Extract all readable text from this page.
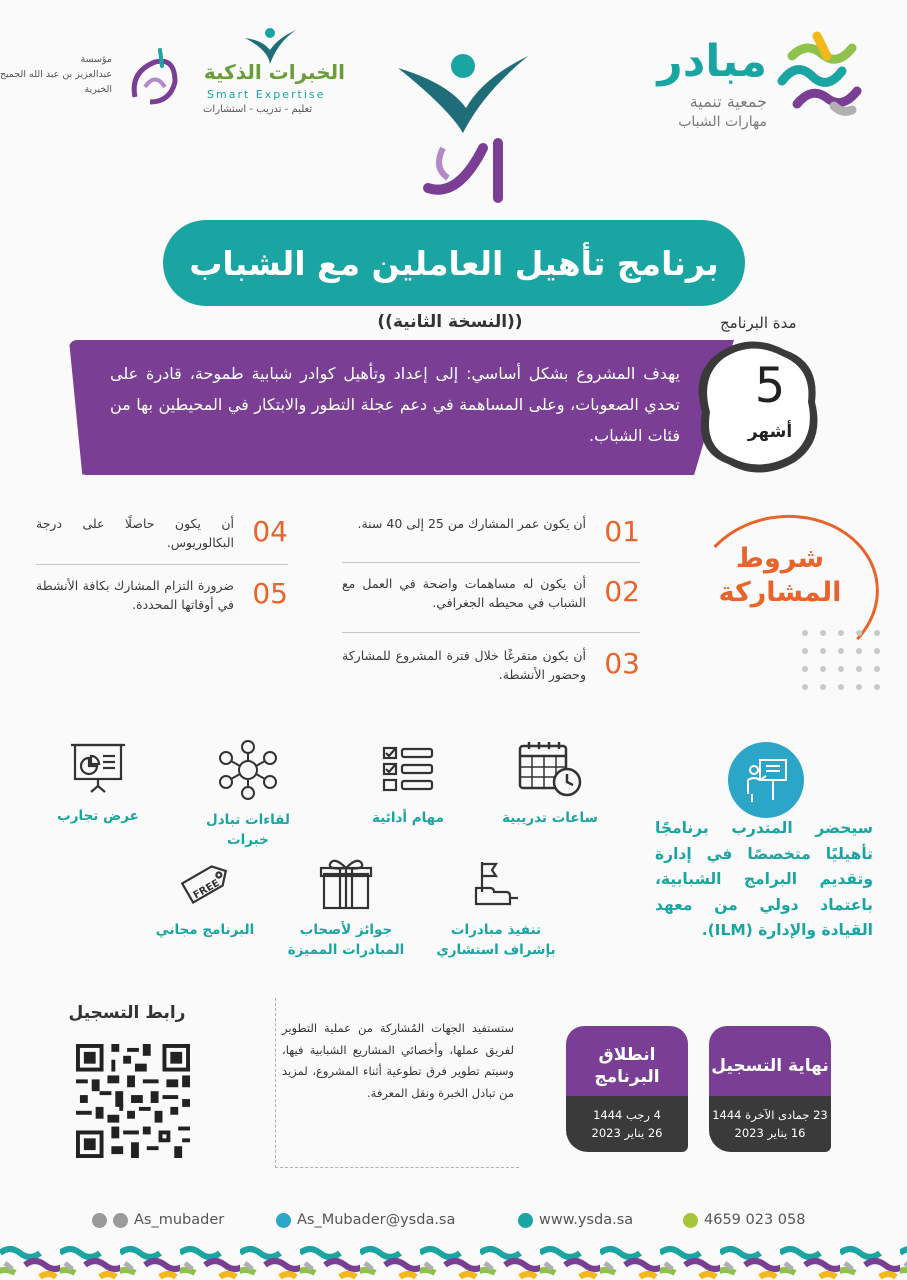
مبادر
جمعية تنمية
مهارات الشباب
الخبرات الذكية
Smart Expertise
تعليم - تدريب - استشارات
مؤسسة
عبدالعزيز بن عبد الله الجميح
الخيرية
برنامج تأهيل العاملين مع الشباب
((النسخة الثانية))
يهدف المشروع بشكل أساسي: إلى إعداد وتأهيل كوادر شبابية طموحة، قادرة على تحدي الصعوبات، وعلى المساهمة في دعم عجلة التطور والابتكار في المحيطين بها من فئات الشباب.
مدة البرنامج
5
أشهر
شروط المشاركة
01
أن يكون عمر المشارك من 25 إلى 40 سنة.
02
أن يكون له مساهمات واضحة في العمل مع الشباب في محيطه الجغرافي.
03
أن يكون متفرغًا خلال فترة المشروع للمشاركة وحضور الأنشطة.
04
أن يكون حاصلًا على درجة البكالوريوس.
05
ضرورة التزام المشارك بكافة الأنشطة في أوقاتها المحددة.
ساعات تدريبية
مهام أدائية
لقاءات تبادل خبرات
عرض تجارب
تنفيذ مبادرات بإشراف استشاري
جوائز لأصحاب المبادرات المميزة
FREE
البرنامج مجاني
سيحضر المتدرب برنامجًا تأهيليًا متخصصًا في إدارة وتقديم البرامج الشبابية، باعتماد دولي من معهد القيادة والإدارة (ILM).
رابط التسجيل
ستستفيد الجهات المُشاركة من عملية التطوير لفريق عملها، وأخصائي المشاريع الشبابية فيها، وسيتم تطوير فرق تطوعية أثناء المشروع، لمزيد من تبادل الخبرة ونقل المعرفة.
نهاية التسجيل
23 جمادى الآخرة 1444
16 يناير 2023
انطلاق البرنامج
4 رجب 1444
26 يناير 2023
As_mubader	As_Mubader@ysda.sa	www.ysda.sa	4659 023 058
